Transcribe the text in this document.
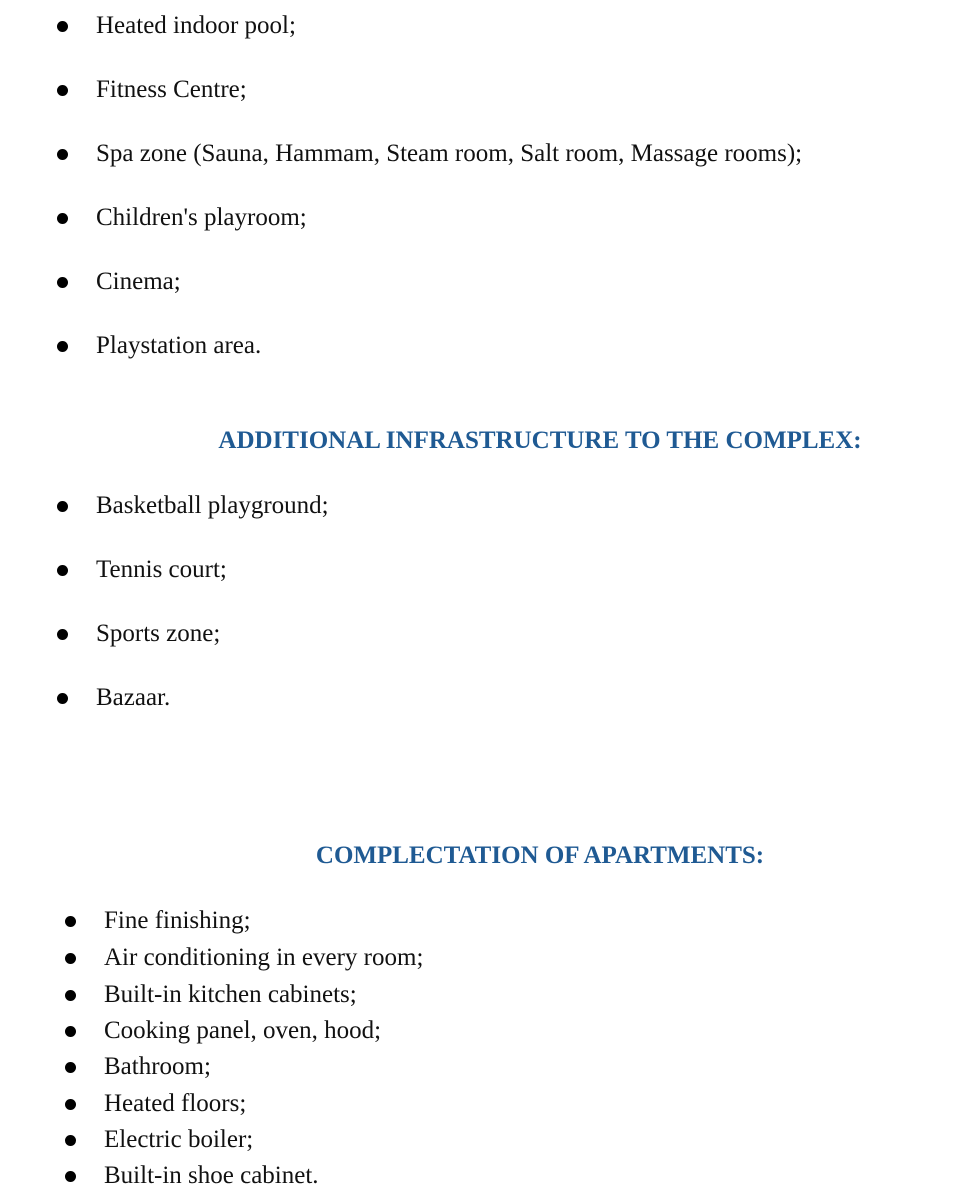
Heated indoor pool;
Fitness Centre;
Spa zone (Sauna, Hammam, Steam room, Salt room, Massage rooms);
Children's playroom;
Cinema;
Playstation area.
ADDITIONAL INFRASTRUCTURE TO THE COMPLEX:
Basketball playground;
Tennis court;
Sports zone;
Bazaar.
COMPLECTATION OF APARTMENTS:
Fine finishing;
Air conditioning in every room;
Built-in kitchen cabinets;
Cooking panel, oven, hood;
Bathroom;
Heated floors;
Electric boiler;
Built-in shoe cabinet.
